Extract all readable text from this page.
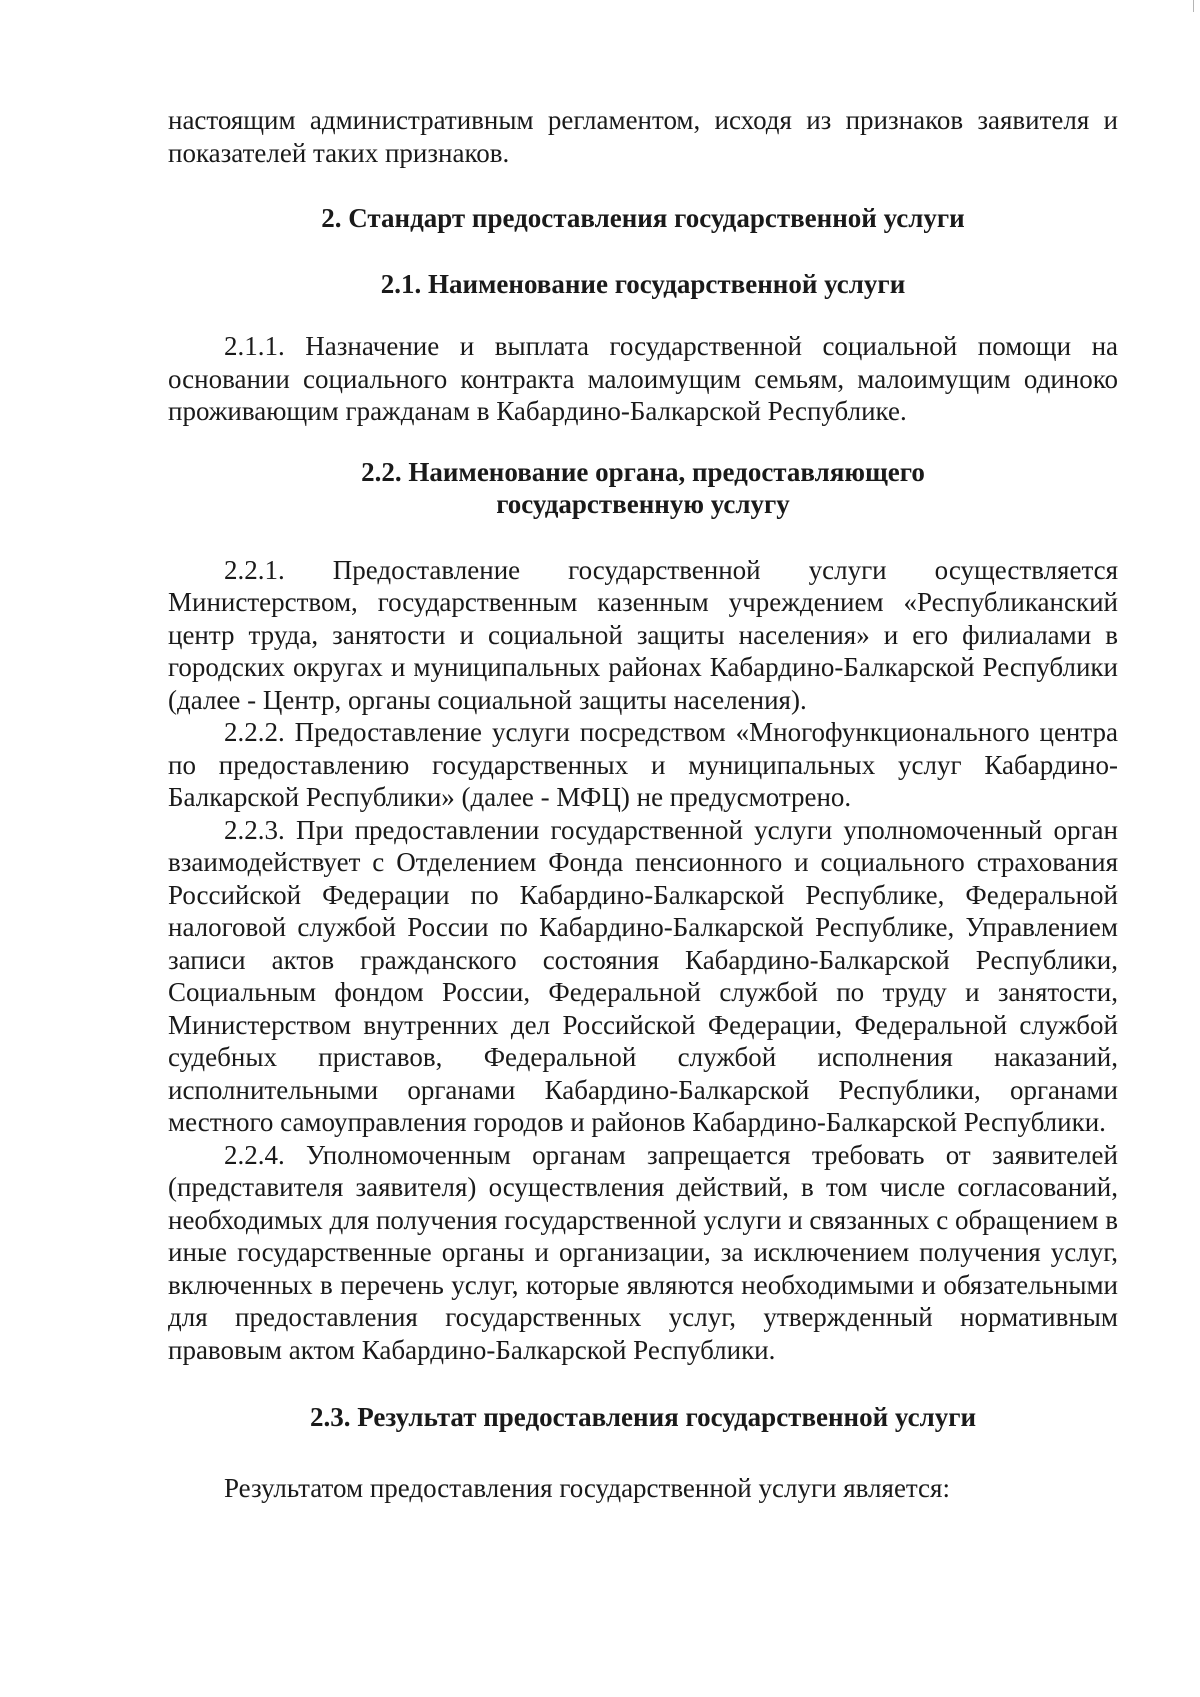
настоящим административным регламентом, исходя из признаков заявителя и показателей таких признаков.

2. Стандарт предоставления государственной услуги

2.1. Наименование государственной услуги

2.1.1. Назначение и выплата государственной социальной помощи на основании социального контракта малоимущим семьям, малоимущим одиноко проживающим гражданам в Кабардино-Балкарской Республике.

2.2. Наименование органа, предоставляющего
государственную услугу

2.2.1. Предоставление государственной услуги осуществляется Министерством, государственным казенным учреждением «Республиканский центр труда, занятости и социальной защиты населения» и его филиалами в городских округах и муниципальных районах Кабардино-Балкарской Республики (далее - Центр, органы социальной защиты населения).

2.2.2. Предоставление услуги посредством «Многофункционального центра по предоставлению государственных и муниципальных услуг Кабардино-Балкарской Республики» (далее - МФЦ) не предусмотрено.

2.2.3. При предоставлении государственной услуги уполномоченный орган взаимодействует с Отделением Фонда пенсионного и социального страхования Российской Федерации по Кабардино-Балкарской Республике, Федеральной налоговой службой России по Кабардино-Балкарской Республике, Управлением записи актов гражданского состояния Кабардино-Балкарской Республики, Социальным фондом России, Федеральной службой по труду и занятости, Министерством внутренних дел Российской Федерации, Федеральной службой судебных приставов, Федеральной службой исполнения наказаний, исполнительными органами Кабардино-Балкарской Республики, органами местного самоуправления городов и районов Кабардино-Балкарской Республики.

2.2.4. Уполномоченным органам запрещается требовать от заявителей (представителя заявителя) осуществления действий, в том числе согласований, необходимых для получения государственной услуги и связанных с обращением в иные государственные органы и организации, за исключением получения услуг, включенных в перечень услуг, которые являются необходимыми и обязательными для предоставления государственных услуг, утвержденный нормативным правовым актом Кабардино-Балкарской Республики.

2.3. Результат предоставления государственной услуги

Результатом предоставления государственной услуги является:
